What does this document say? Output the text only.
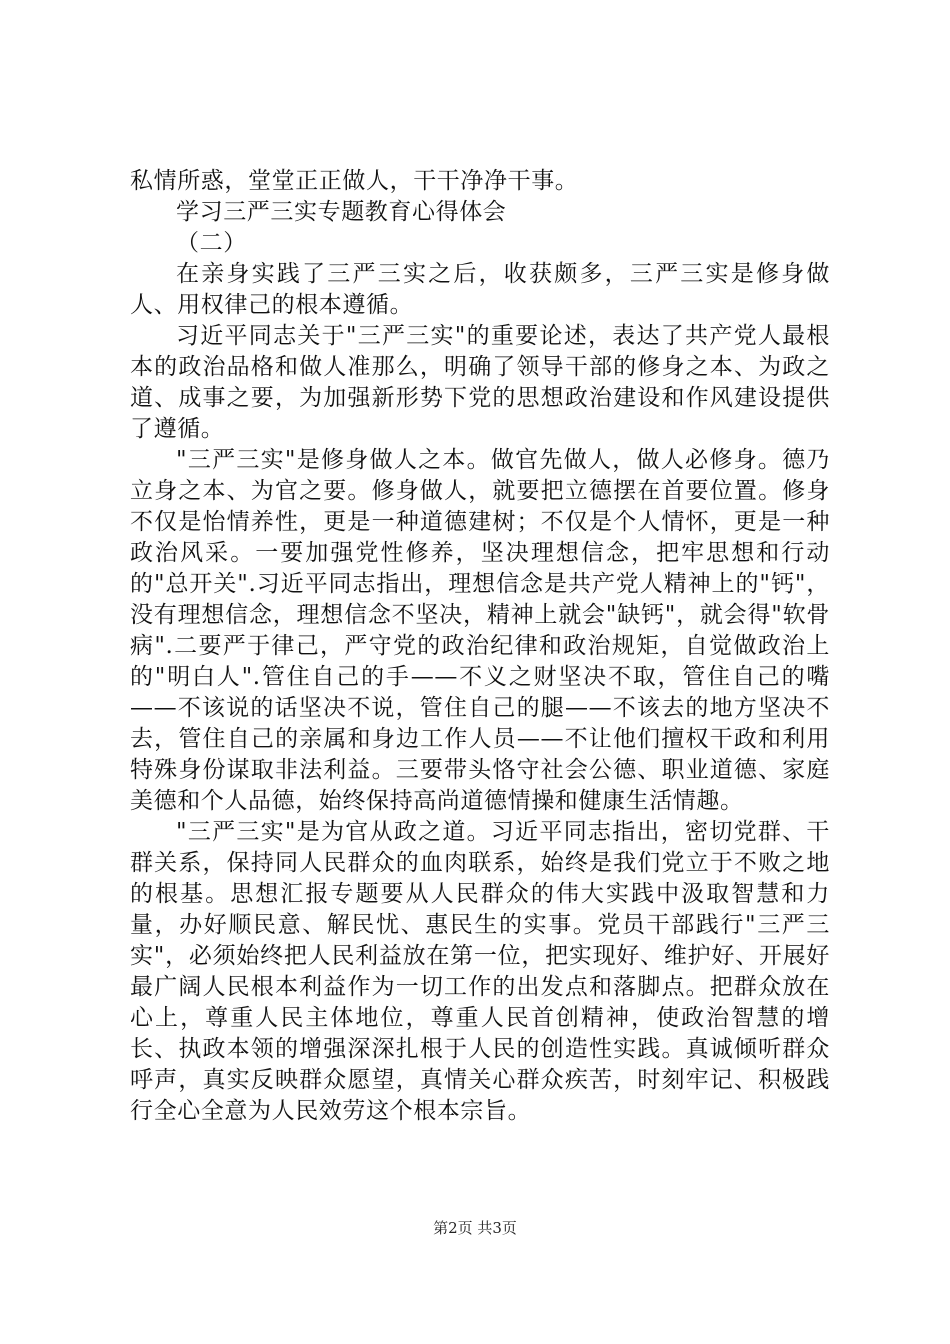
私情所惑，堂堂正正做人，干干净净干事。

学习三严三实专题教育心得体会

（二）

在亲身实践了三严三实之后，收获颇多，三严三实是修身做人、用权律己的根本遵循。

习近平同志关于"三严三实"的重要论述，表达了共产党人最根本的政治品格和做人准那么，明确了领导干部的修身之本、为政之道、成事之要，为加强新形势下党的思想政治建设和作风建设提供了遵循。

"三严三实"是修身做人之本。做官先做人，做人必修身。德乃立身之本、为官之要。修身做人，就要把立德摆在首要位置。修身不仅是怡情养性，更是一种道德建树；不仅是个人情怀，更是一种政治风采。一要加强党性修养，坚决理想信念，把牢思想和行动的"总开关".习近平同志指出，理想信念是共产党人精神上的"钙"，没有理想信念，理想信念不坚决，精神上就会"缺钙"，就会得"软骨病".二要严于律己，严守党的政治纪律和政治规矩，自觉做政治上的"明白人".管住自己的手——不义之财坚决不取，管住自己的嘴——不该说的话坚决不说，管住自己的腿——不该去的地方坚决不去，管住自己的亲属和身边工作人员——不让他们擅权干政和利用特殊身份谋取非法利益。三要带头恪守社会公德、职业道德、家庭美德和个人品德，始终保持高尚道德情操和健康生活情趣。

"三严三实"是为官从政之道。习近平同志指出，密切党群、干群关系，保持同人民群众的血肉联系，始终是我们党立于不败之地的根基。思想汇报专题要从人民群众的伟大实践中汲取智慧和力量，办好顺民意、解民忧、惠民生的实事。党员干部践行"三严三实"，必须始终把人民利益放在第一位，把实现好、维护好、开展好最广阔人民根本利益作为一切工作的出发点和落脚点。把群众放在心上，尊重人民主体地位，尊重人民首创精神，使政治智慧的增长、执政本领的增强深深扎根于人民的创造性实践。真诚倾听群众呼声，真实反映群众愿望，真情关心群众疾苦，时刻牢记、积极践行全心全意为人民效劳这个根本宗旨。

第2页 共3页
